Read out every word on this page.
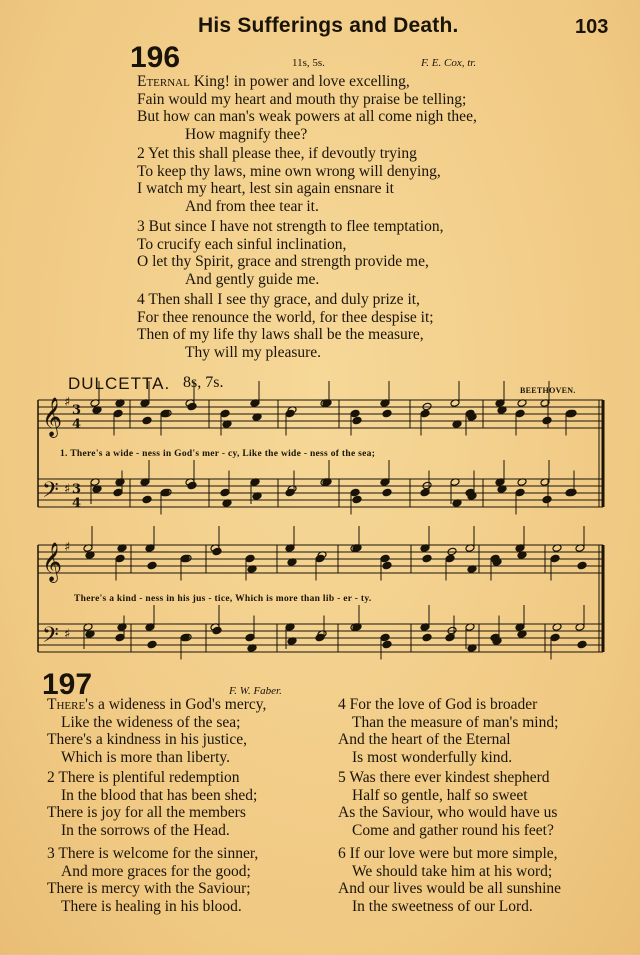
His Sufferings and Death.	103
196	11s, 5s.	F. E. Cox, tr.
Eternal King! in power and love excelling,
Fain would my heart and mouth thy praise be telling;
But how can man's weak powers at all come nigh thee,
How magnify thee?
2 Yet this shall please thee, if devoutly trying
To keep thy laws, mine own wrong will denying,
I watch my heart, lest sin again ensnare it
And from thee tear it.
3 But since I have not strength to flee temptation,
To crucify each sinful inclination,
O let thy Spirit, grace and strength provide me,
And gently guide me.
4 Then shall I see thy grace, and duly prize it,
For thee renounce the world, for thee despise it;
Then of my life thy laws shall be the measure,
Thy will my pleasure.
DULCETTA. 8s, 7s.	BEETHOVEN.
𝄞 ♯
3
4
𝄢 ♯ 3
4
𝄞 ♯
𝄢 ♯
1. There's a wide - ness in God's mer - cy, Like the wide - ness of the sea;
There's a kind - ness in his jus - tice, Which is more than lib - er - ty.
197	F. W. Faber.
There's a wideness in God's mercy,
Like the wideness of the sea;
There's a kindness in his justice,
Which is more than liberty.
2 There is plentiful redemption
In the blood that has been shed;
There is joy for all the members
In the sorrows of the Head.
3 There is welcome for the sinner,
And more graces for the good;
There is mercy with the Saviour;
There is healing in his blood.
4 For the love of God is broader
Than the measure of man's mind;
And the heart of the Eternal
Is most wonderfully kind.
5 Was there ever kindest shepherd
Half so gentle, half so sweet
As the Saviour, who would have us
Come and gather round his feet?
6 If our love were but more simple,
We should take him at his word;
And our lives would be all sunshine
In the sweetness of our Lord.
